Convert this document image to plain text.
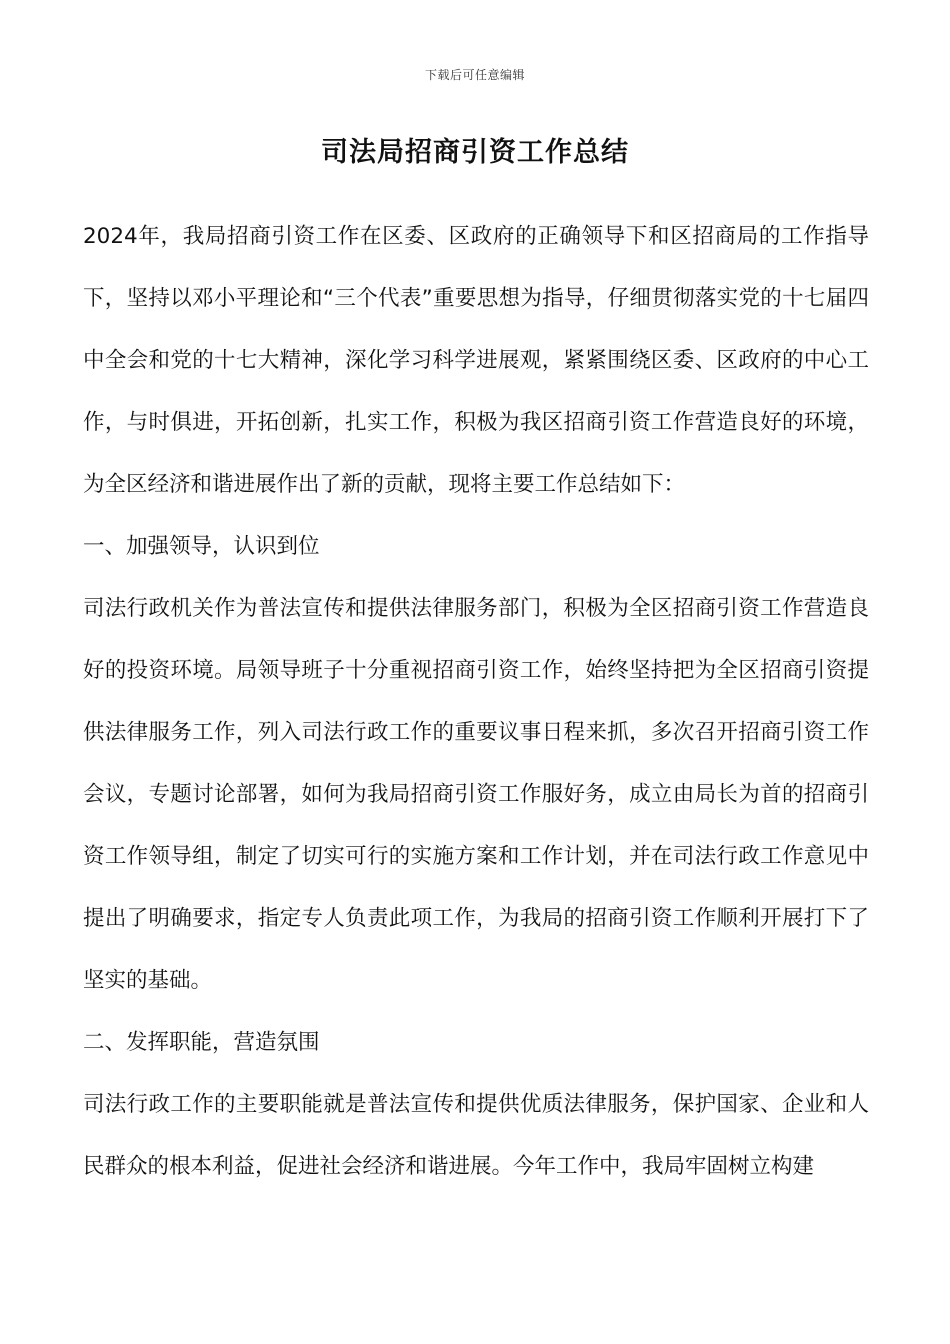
下载后可任意编辑
司法局招商引资工作总结

2024年，我局招商引资工作在区委、区政府的正确领导下和区招商局的工作指导下，坚持以邓小平理论和“三个代表”重要思想为指导，仔细贯彻落实党的十七届四中全会和党的十七大精神，深化学习科学进展观，紧紧围绕区委、区政府的中心工作，与时俱进，开拓创新，扎实工作，积极为我区招商引资工作营造良好的环境，为全区经济和谐进展作出了新的贡献，现将主要工作总结如下：

一、加强领导，认识到位

司法行政机关作为普法宣传和提供法律服务部门，积极为全区招商引资工作营造良好的投资环境。局领导班子十分重视招商引资工作，始终坚持把为全区招商引资提供法律服务工作，列入司法行政工作的重要议事日程来抓，多次召开招商引资工作会议，专题讨论部署，如何为我局招商引资工作服好务，成立由局长为首的招商引资工作领导组，制定了切实可行的实施方案和工作计划，并在司法行政工作意见中提出了明确要求，指定专人负责此项工作，为我局的招商引资工作顺利开展打下了坚实的基础。

二、发挥职能，营造氛围

司法行政工作的主要职能就是普法宣传和提供优质法律服务，保护国家、企业和人民群众的根本利益，促进社会经济和谐进展。今年工作中，我局牢固树立构建
